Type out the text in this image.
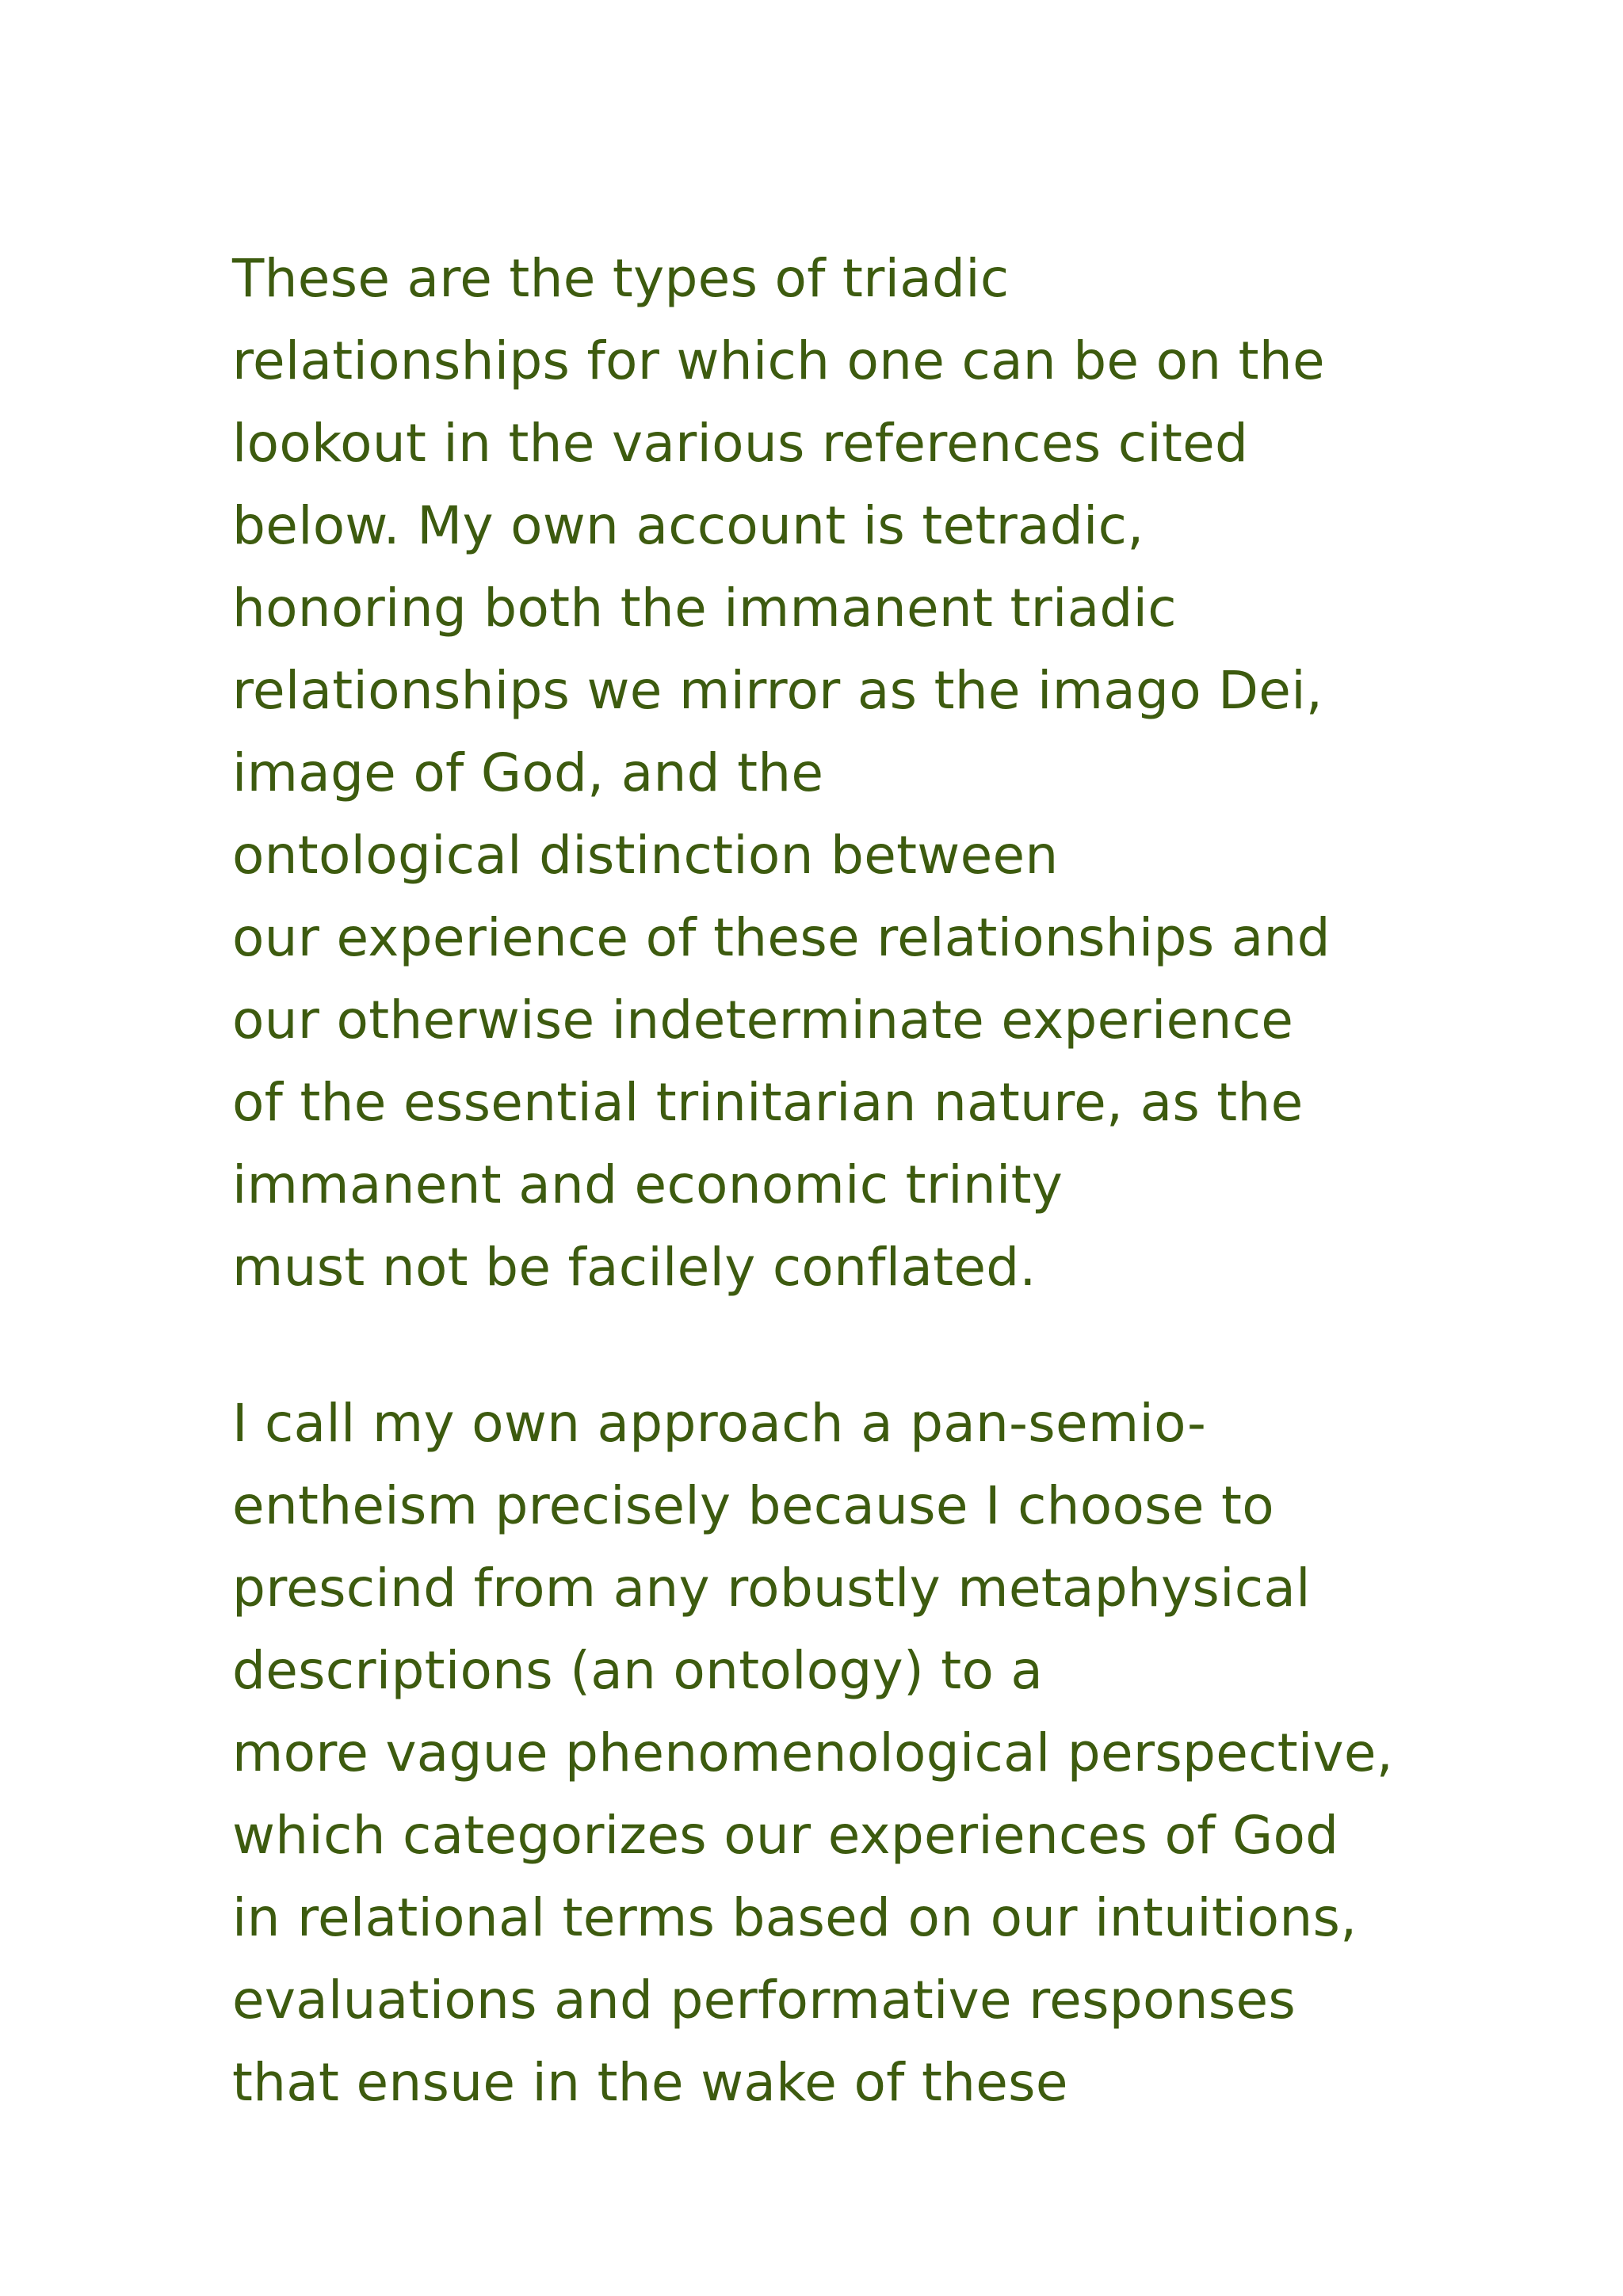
These are the types of triadic
relationships for which one can be on the
lookout in the various references cited
below. My own account is tetradic,
honoring both the immanent triadic
relationships we mirror as the imago Dei,
image of God, and the
ontological distinction between
our experience of these relationships and
our otherwise indeterminate experience
of the essential trinitarian nature, as the
immanent and economic trinity
must not be facilely conflated.
I call my own approach a pan-semio-
entheism precisely because I choose to
prescind from any robustly metaphysical
descriptions (an ontology) to a
more vague phenomenological perspective,
which categorizes our experiences of God
in relational terms based on our intuitions,
evaluations and performative responses
that ensue in the wake of these
